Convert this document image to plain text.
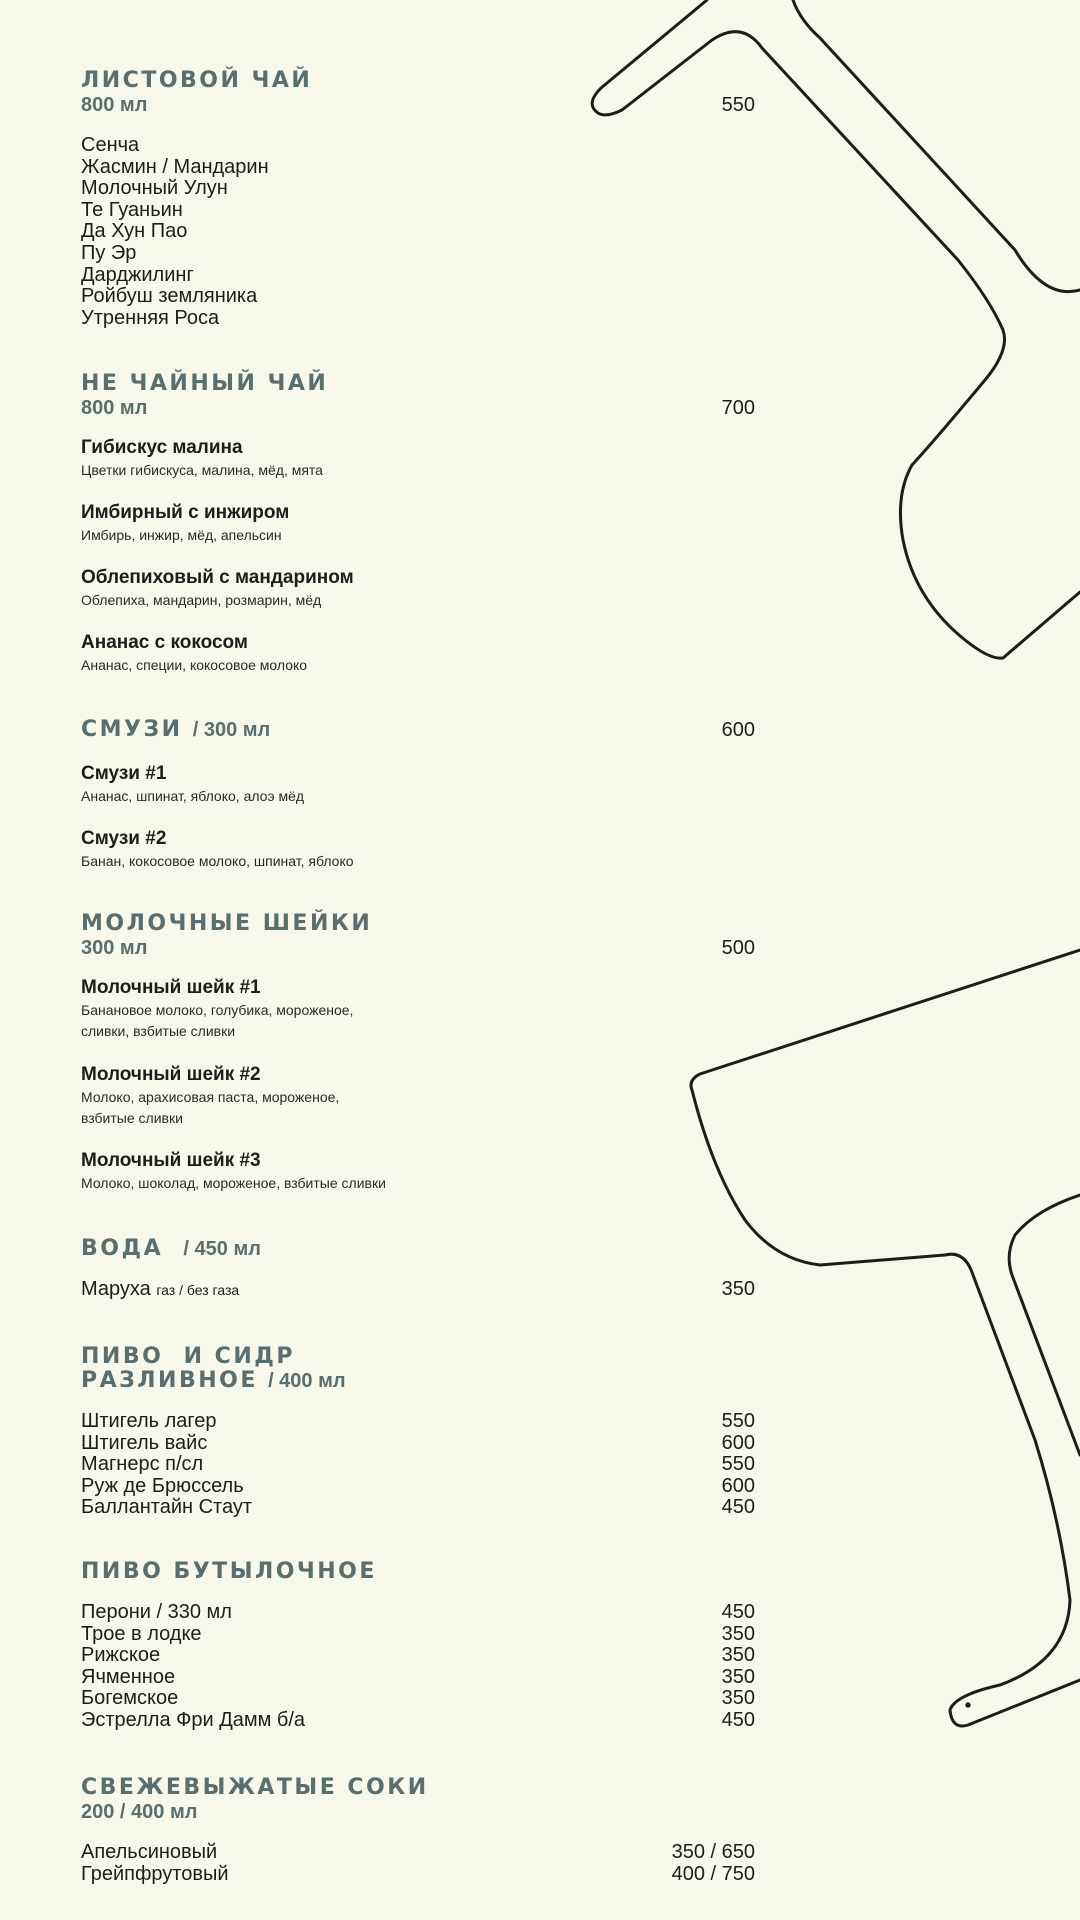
ЛИСТОВОЙ ЧАЙ
800 мл	550
Сенча
Жасмин / Мандарин
Молочный Улун
Те Гуаньин
Да Хун Пао
Пу Эр
Дарджилинг
Ройбуш земляника
Утренняя Роса
НЕ ЧАЙНЫЙ ЧАЙ
800 мл	700
Гибискус малина
Цветки гибискуса, малина, мёд, мята
Имбирный с инжиром
Имбирь, инжир, мёд, апельсин
Облепиховый с мандарином
Облепиха, мандарин, розмарин, мёд
Ананас с кокосом
Ананас, специи, кокосовое молоко
СМУЗИ / 300 мл	600
Смузи #1
Ананас, шпинат, яблоко, алоэ мёд
Смузи #2
Банан, кокосовое молоко, шпинат, яблоко
МОЛОЧНЫЕ ШЕЙКИ
300 мл	500
Молочный шейк #1
Банановое молоко, голубика, мороженое,
сливки, взбитые сливки
Молочный шейк #2
Молоко, арахисовая паста, мороженое,
взбитые сливки
Молочный шейк #3
Молоко, шоколад, мороженое, взбитые сливки
ВОДА / 450 мл
Маруха газ / без газа	350
ПИВО  И СИДР
РАЗЛИВНОЕ / 400 мл
Штигель лагер	550
Штигель вайс	600
Магнерс п/сл	550
Руж де Брюссель	600
Баллантайн Стаут	450
ПИВО БУТЫЛОЧНОЕ
Перони / 330 мл	450
Трое в лодке	350
Рижское	350
Ячменное	350
Богемское	350
Эстрелла Фри Дамм б/а	450
СВЕЖЕВЫЖАТЫЕ СОКИ
200 / 400 мл
Апельсиновый	350 / 650
Грейпфрутовый	400 / 750
